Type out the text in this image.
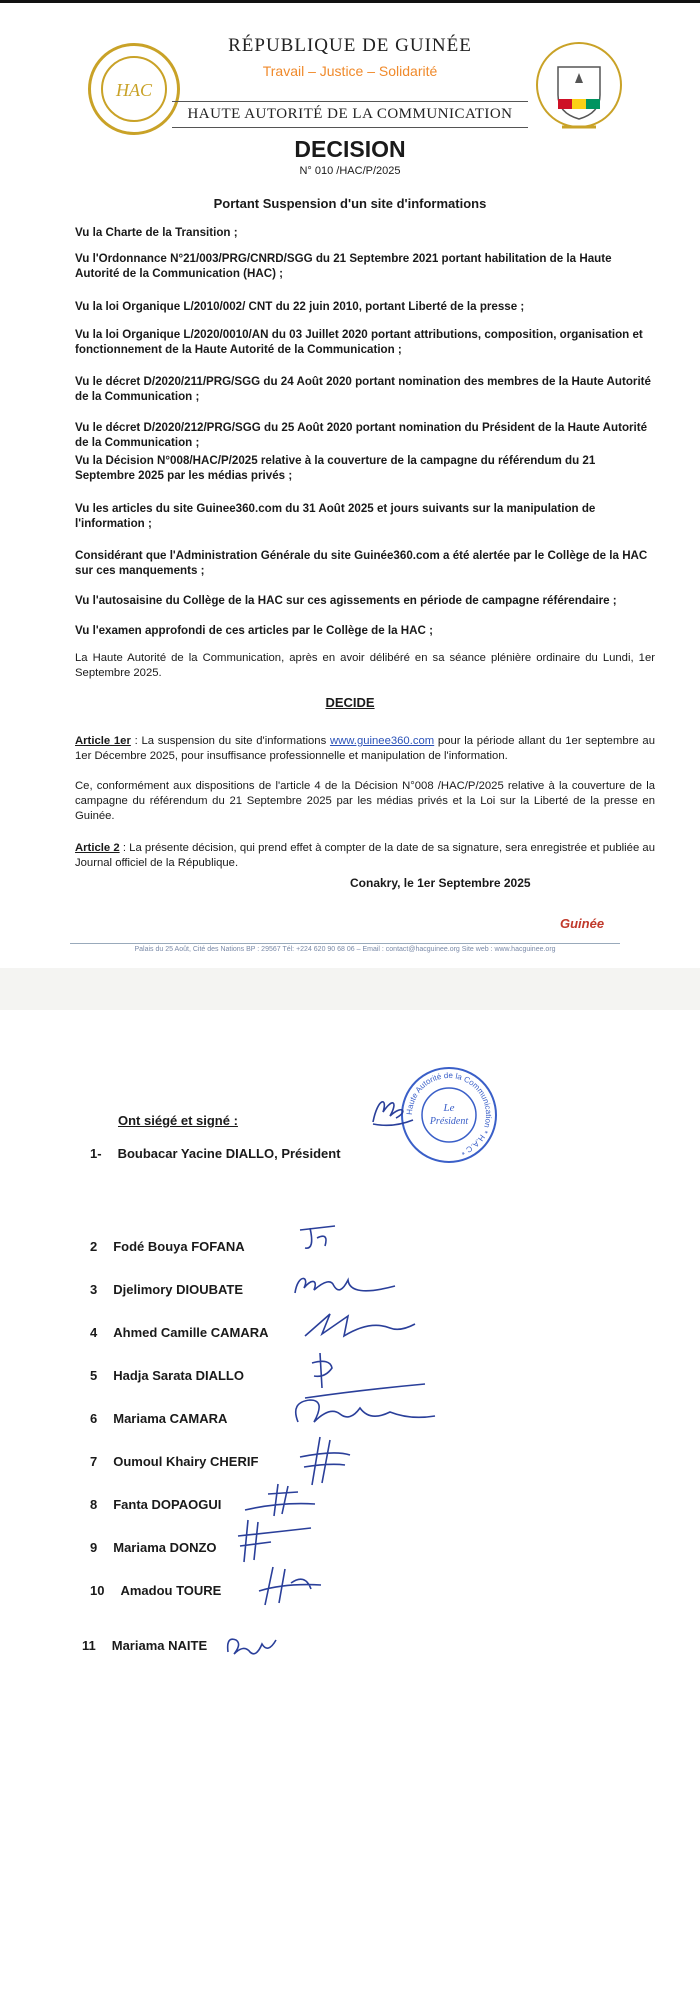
HAC
RÉPUBLIQUE DE GUINÉE
Travail – Justice – Solidarité
HAUTE AUTORITÉ DE LA COMMUNICATION
DECISION
N° 010 /HAC/P/2025
Portant Suspension d'un site d'informations
Vu la Charte de la Transition ;
Vu l'Ordonnance N°21/003/PRG/CNRD/SGG du 21 Septembre 2021 portant habilitation de la Haute Autorité de la Communication (HAC) ;
Vu la loi Organique L/2010/002/ CNT du 22 juin 2010, portant Liberté de la presse ;
Vu la loi Organique L/2020/0010/AN du 03 Juillet 2020 portant attributions, composition, organisation et fonctionnement de la Haute Autorité de la Communication ;
Vu le décret D/2020/211/PRG/SGG du 24 Août 2020 portant nomination des membres de la Haute Autorité de la Communication ;
Vu le décret D/2020/212/PRG/SGG du 25 Août 2020 portant nomination du Président de la Haute Autorité de la Communication ;
Vu la Décision N°008/HAC/P/2025 relative à la couverture de la campagne du référendum du 21 Septembre 2025 par les médias privés ;
Vu les articles du site Guinee360.com du 31 Août 2025 et jours suivants sur la manipulation de l'information ;
Considérant que l'Administration Générale du site Guinée360.com a été alertée par le Collège de la HAC sur ces manquements ;
Vu l'autosaisine du Collège de la HAC sur ces agissements en période de campagne référendaire ;
Vu l'examen approfondi de ces articles par le Collège de la HAC ;
La Haute Autorité de la Communication, après en avoir délibéré en sa séance plénière ordinaire du Lundi, 1er Septembre 2025.
DECIDE
Article 1er : La suspension du site d'informations www.guinee360.com pour la période allant du 1er septembre au 1er Décembre 2025, pour insuffisance professionnelle et manipulation de l'information.
Ce, conformément aux dispositions de l'article 4 de la Décision N°008 /HAC/P/2025 relative à la couverture de la campagne du référendum du 21 Septembre 2025 par les médias privés et la Loi sur la Liberté de la presse en Guinée.
Article 2 : La présente décision, qui prend effet à compter de la date de sa signature, sera enregistrée et publiée au Journal officiel de la République.
Conakry, le 1er Septembre 2025
Guinée
Palais du 25 Août, Cité des Nations BP : 29567 Tél: +224 620 90 68 06 – Email : contact@hacguinee.org Site web : www.hacguinee.org
Ont siégé et signé :
1- Boubacar Yacine DIALLO, Président
2 Fodé Bouya FOFANA
3 Djelimory DIOUBATE
4 Ahmed Camille CAMARA
5 Hadja Sarata DIALLO
6 Mariama CAMARA
7 Oumoul Khairy CHERIF
8 Fanta DOPAOGUI
9 Mariama DONZO
10 Amadou TOURE
11 Mariama NAITE
Le
Président
Haute Autorité de la Communication * H.A.C *
